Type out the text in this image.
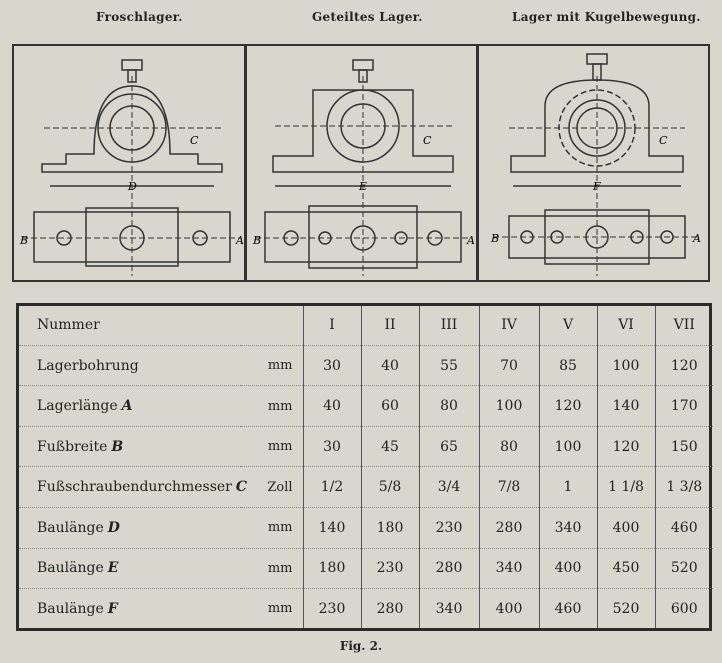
Froschlager.	Geteiltes Lager.	Lager mit Kugelbewegung.
D
C
B	A
E
C
B	A
F
C
B	A
Nummer		I	II	III	IV	V	VI	VII
Lagerbohrung	mm	30	40	55	70	85	100	120
Lagerlänge A	mm	40	60	80	100	120	140	170
Fußbreite B	mm	30	45	65	80	100	120	150
Fußschraubendurchmesser C	Zoll	1/2	5/8	3/4	7/8	1	1 1/8	1 3/8
Baulänge D	mm	140	180	230	280	340	400	460
Baulänge E	mm	180	230	280	340	400	450	520
Baulänge F	mm	230	280	340	400	460	520	600
Fig. 2.
